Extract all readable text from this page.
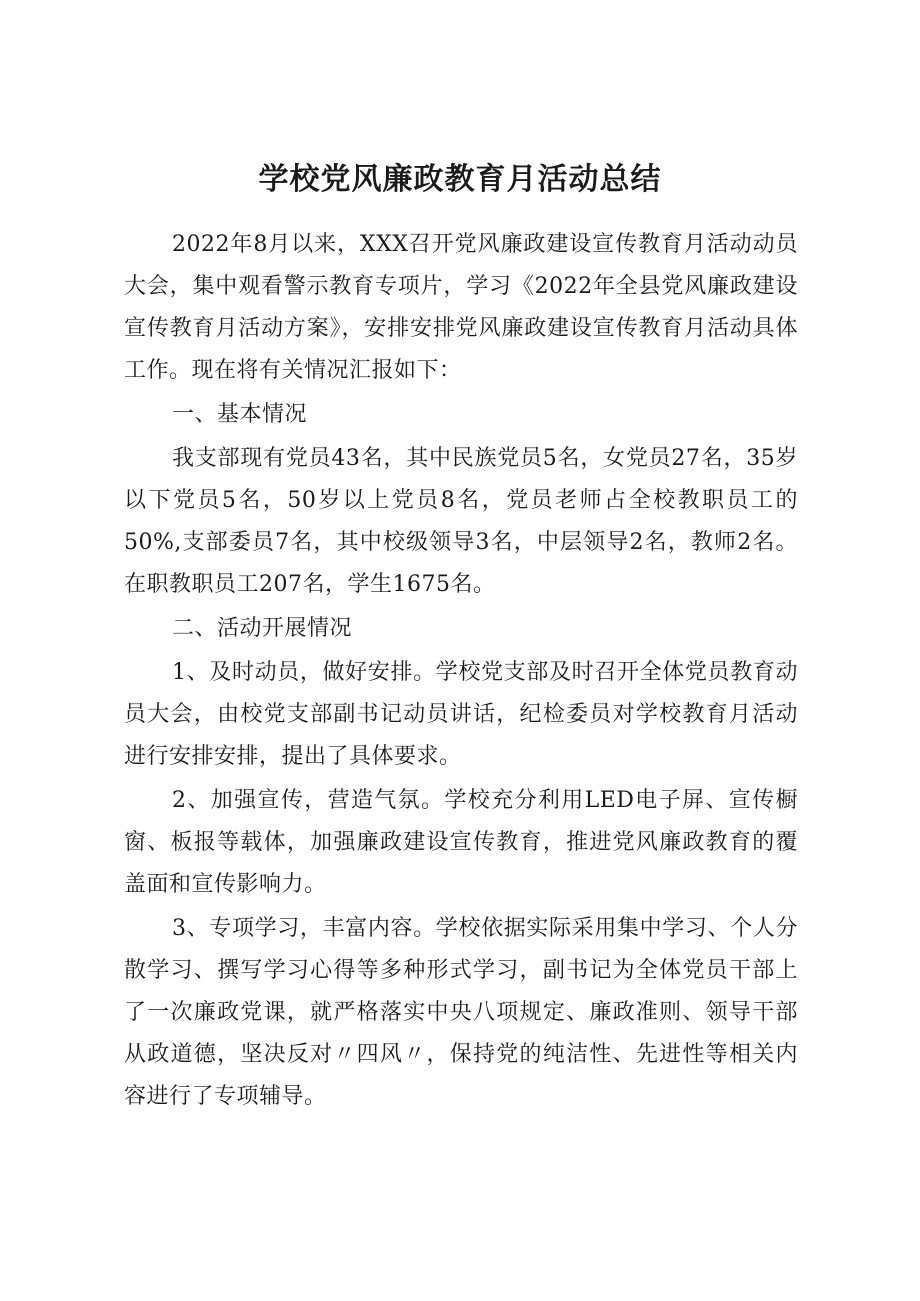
学校党风廉政教育月活动总结

2022年8月以来，XXX召开党风廉政建设宣传教育月活动动员大会，集中观看警示教育专项片，学习《2022年全县党风廉政建设宣传教育月活动方案》，安排安排党风廉政建设宣传教育月活动具体工作。现在将有关情况汇报如下：

一、基本情况

我支部现有党员43名，其中民族党员5名，女党员27名，35岁以下党员5名，50岁以上党员8名，党员老师占全校教职员工的50%,支部委员7名，其中校级领导3名，中层领导2名，教师2名。在职教职员工207名，学生1675名。

二、活动开展情况

1、及时动员，做好安排。学校党支部及时召开全体党员教育动员大会，由校党支部副书记动员讲话，纪检委员对学校教育月活动进行安排安排，提出了具体要求。

2、加强宣传，营造气氛。学校充分利用LED电子屏、宣传橱窗、板报等载体，加强廉政建设宣传教育，推进党风廉政教育的覆盖面和宣传影响力。

3、专项学习，丰富内容。学校依据实际采用集中学习、个人分散学习、撰写学习心得等多种形式学习，副书记为全体党员干部上了一次廉政党课，就严格落实中央八项规定、廉政准则、领导干部从政道德，坚决反对〃四风〃，保持党的纯洁性、先进性等相关内容进行了专项辅导。
